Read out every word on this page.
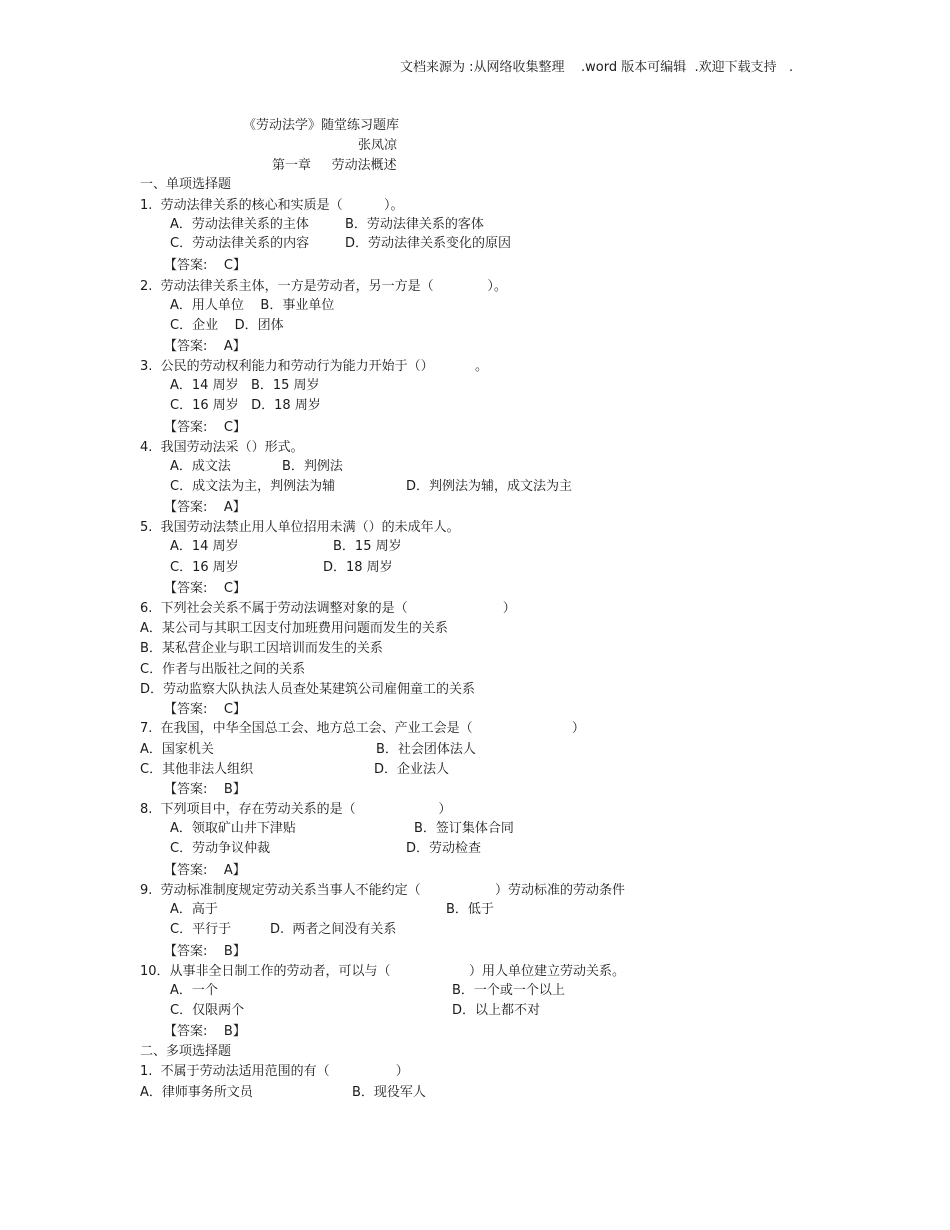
文档来源为 :从网络收集整理    .word 版本可编辑  .欢迎下载支持   .
《劳动法学》随堂练习题库
张凤凉
第一章     劳动法概述
一、单项选择题
1.  劳动法律关系的核心和实质是（          ）。
A．劳动法律关系的主体	B．劳动法律关系的客体
C．劳动法律关系的内容	D．劳动法律关系变化的原因
【答案:    C】
2.  劳动法律关系主体，一方是劳动者，另一方是（             ）。
A．用人单位    B．事业单位
C．企业    D．团体
【答案:    A】
3.  公民的劳动权利能力和劳动行为能力开始于（）          。
A．14 周岁   B．15 周岁
C．16 周岁   D．18 周岁
【答案:    C】
4.  我国劳动法采（）形式。
A．成文法	B．判例法
C．成文法为主，判例法为辅	D．判例法为辅，成文法为主
【答案:    A】
5.  我国劳动法禁止用人单位招用未满（）的未成年人。
A．14 周岁	B．15 周岁
C．16 周岁	D．18 周岁
【答案:    C】
6.  下列社会关系不属于劳动法调整对象的是（                       ）
A．某公司与其职工因支付加班费用问题而发生的关系
B．某私营企业与职工因培训而发生的关系
C．作者与出版社之间的关系
D．劳动监察大队执法人员查处某建筑公司雇佣童工的关系
【答案:    C】
7.  在我国，中华全国总工会、地方总工会、产业工会是（                        ）
A．国家机关	B．社会团体法人
C．其他非法人组织	D．企业法人
【答案:    B】
8.  下列项目中，存在劳动关系的是（                    ）
A．领取矿山井下津贴	B．签订集体合同
C．劳动争议仲裁	D．劳动检查
【答案:    A】
9.  劳动标准制度规定劳动关系当事人不能约定（                  ）劳动标准的劳动条件
A．高于	B．低于
C．平行于	D.  两者之间没有关系
【答案:    B】
10．从事非全日制工作的劳动者，可以与（                   ）用人单位建立劳动关系。
A．一个	B．一个或一个以上
C．仅限两个	D．以上都不对
【答案:    B】
二、多项选择题
1.  不属于劳动法适用范围的有（                ）
A．律师事务所文员	B．现役军人
